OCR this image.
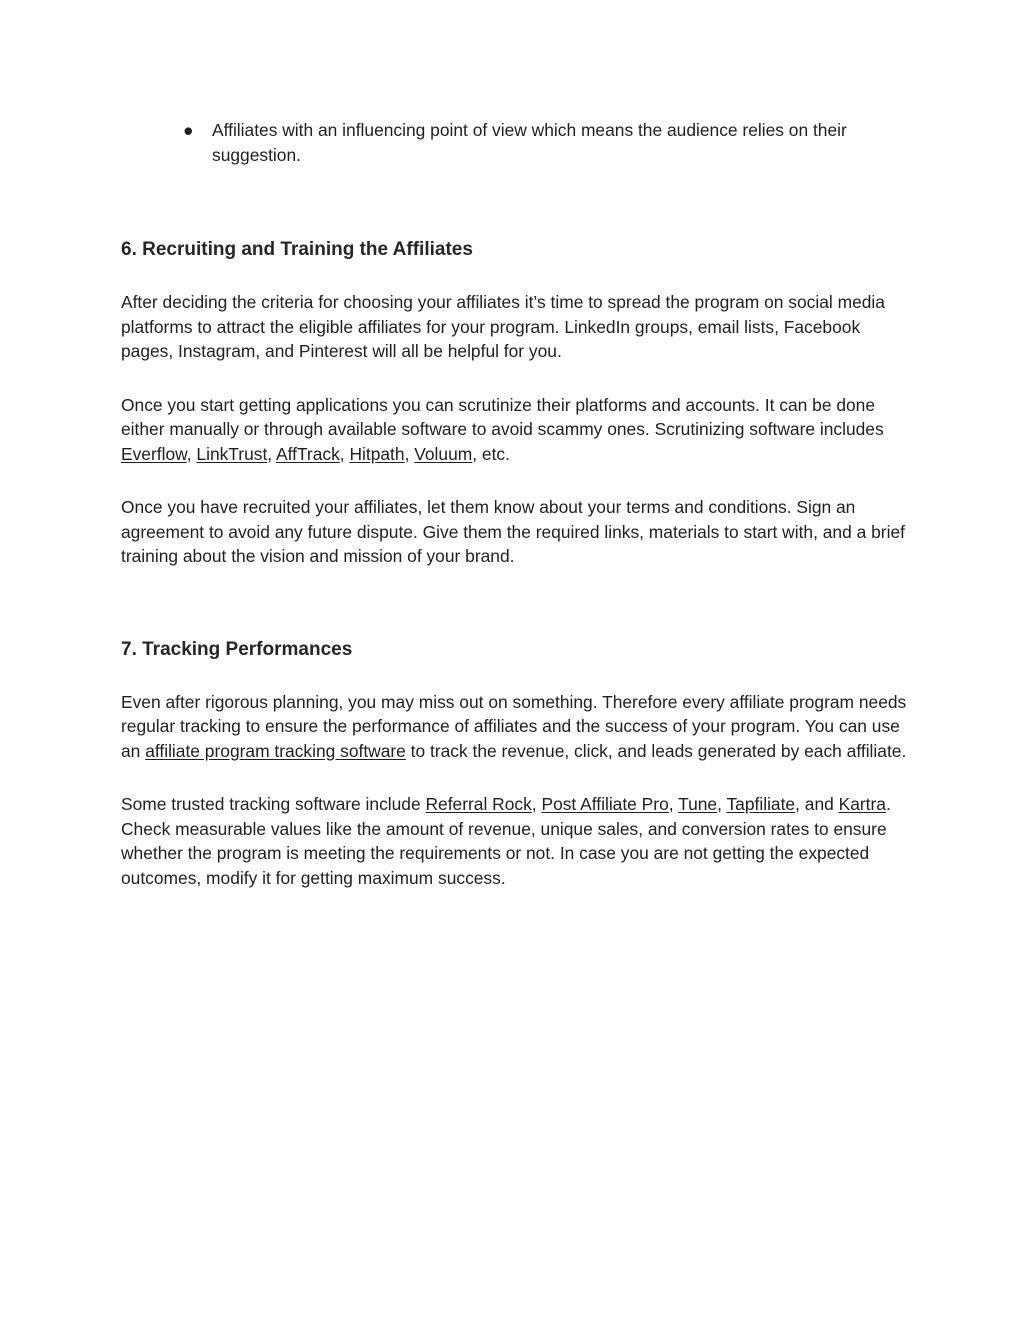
● Affiliates with an influencing point of view which means the audience relies on their suggestion.
6. Recruiting and Training the Affiliates

After deciding the criteria for choosing your affiliates it’s time to spread the program on social media platforms to attract the eligible affiliates for your program. LinkedIn groups, email lists, Facebook pages, Instagram, and Pinterest will all be helpful for you.

Once you start getting applications you can scrutinize their platforms and accounts. It can be done either manually or through available software to avoid scammy ones. Scrutinizing software includes Everflow, LinkTrust, AffTrack, Hitpath, Voluum, etc.

Once you have recruited your affiliates, let them know about your terms and conditions. Sign an agreement to avoid any future dispute. Give them the required links, materials to start with, and a brief training about the vision and mission of your brand.

7. Tracking Performances

Even after rigorous planning, you may miss out on something. Therefore every affiliate program needs regular tracking to ensure the performance of affiliates and the success of your program. You can use an affiliate program tracking software to track the revenue, click, and leads generated by each affiliate.

Some trusted tracking software include Referral Rock, Post Affiliate Pro, Tune, Tapfiliate, and Kartra. Check measurable values like the amount of revenue, unique sales, and conversion rates to ensure whether the program is meeting the requirements or not. In case you are not getting the expected outcomes, modify it for getting maximum success.
